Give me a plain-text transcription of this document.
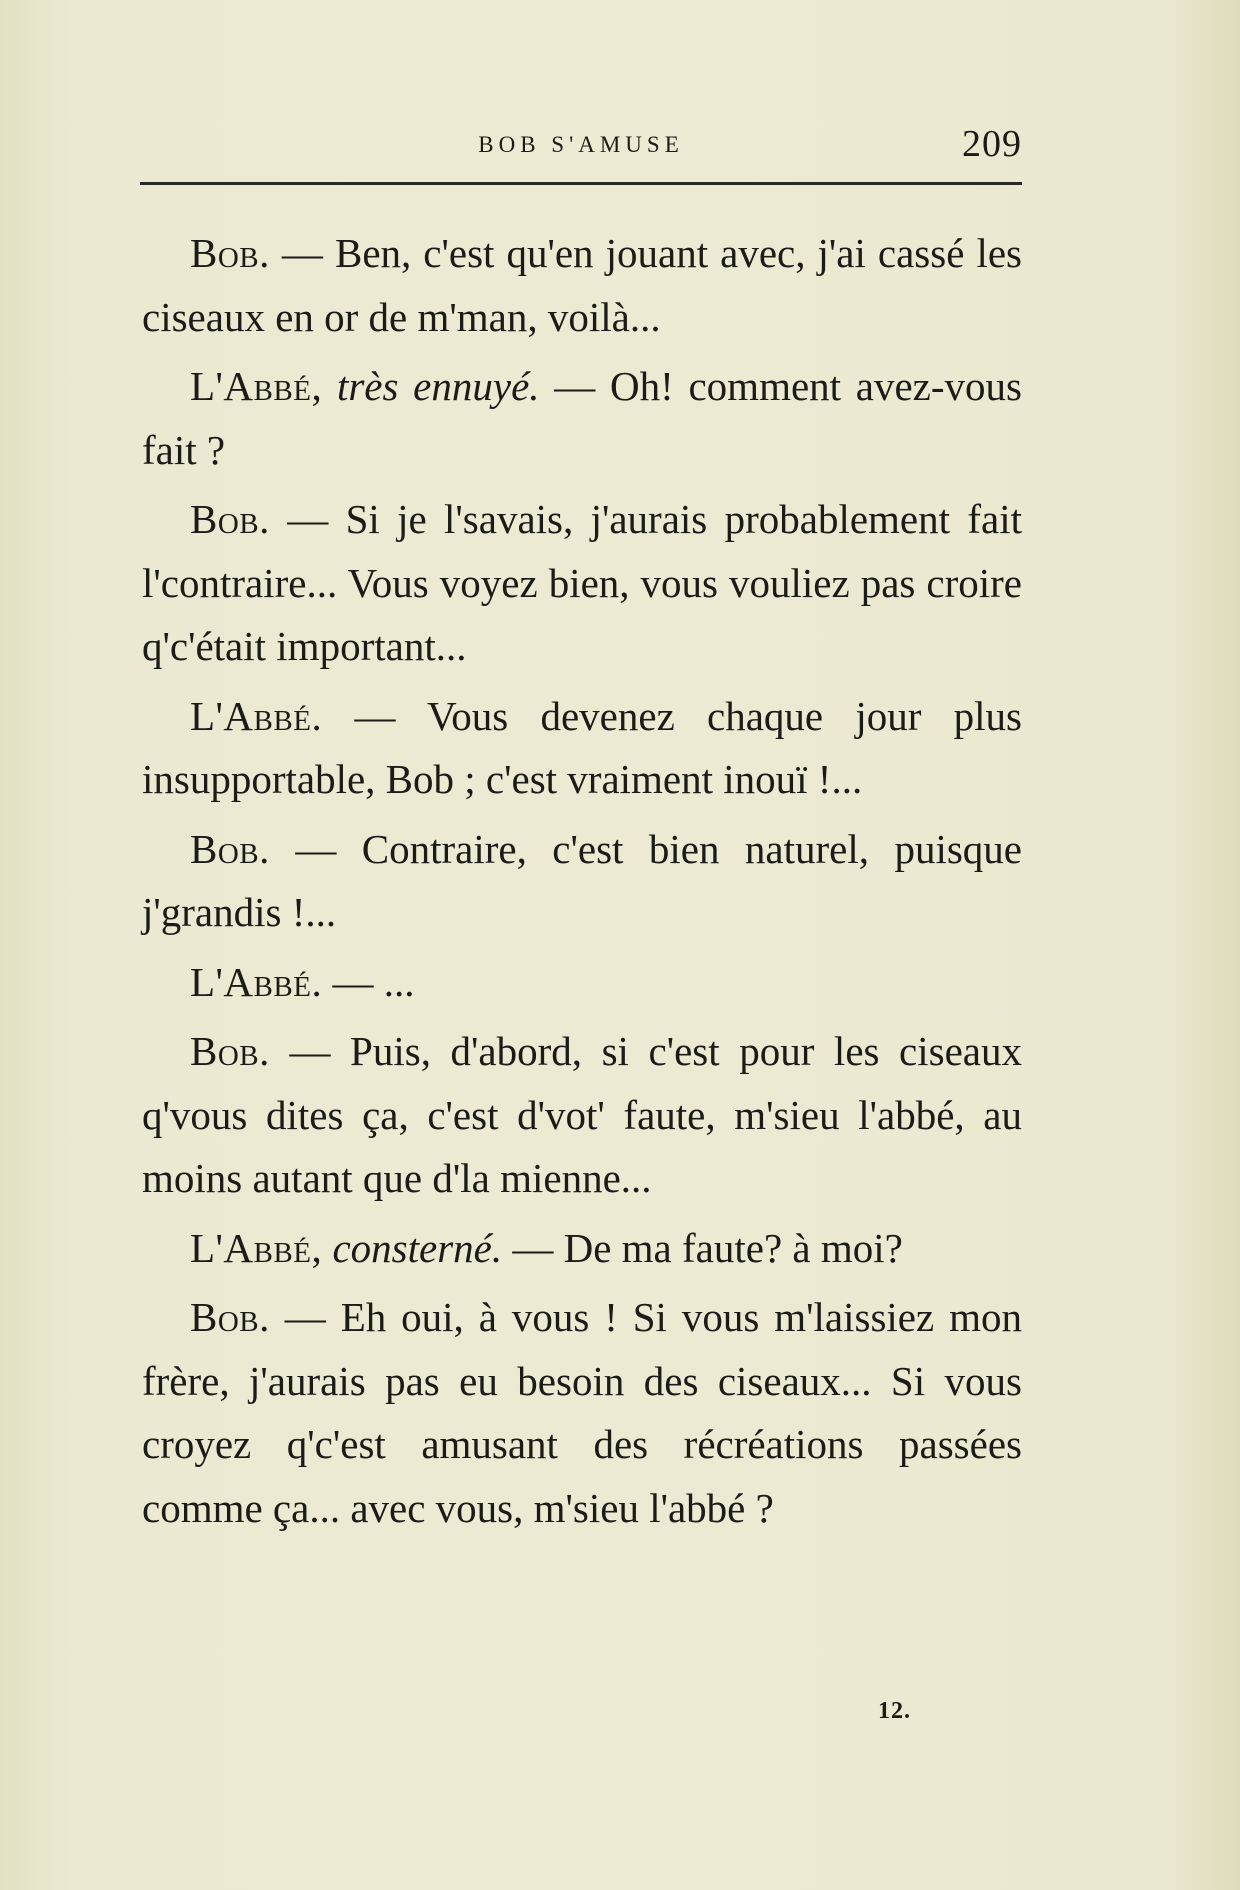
BOB S'AMUSE	209

Bob. — Ben, c'est qu'en jouant avec, j'ai cassé les ciseaux en or de m'man, voilà...

L'Abbé, très ennuyé. — Oh! comment avez-vous fait ?

Bob. — Si je l'savais, j'aurais probablement fait l'contraire... Vous voyez bien, vous vouliez pas croire q'c'était important...

L'Abbé. — Vous devenez chaque jour plus insupportable, Bob ; c'est vraiment inouï !...

Bob. — Contraire, c'est bien naturel, puisque j'grandis !...

L'Abbé. — ...

Bob. — Puis, d'abord, si c'est pour les ciseaux q'vous dites ça, c'est d'vot' faute, m'sieu l'abbé, au moins autant que d'la mienne...

L'Abbé, consterné. — De ma faute? à moi?

Bob. — Eh oui, à vous ! Si vous m'laissiez mon frère, j'aurais pas eu besoin des ciseaux... Si vous croyez q'c'est amusant des récréations passées comme ça... avec vous, m'sieu l'abbé ?

12.
